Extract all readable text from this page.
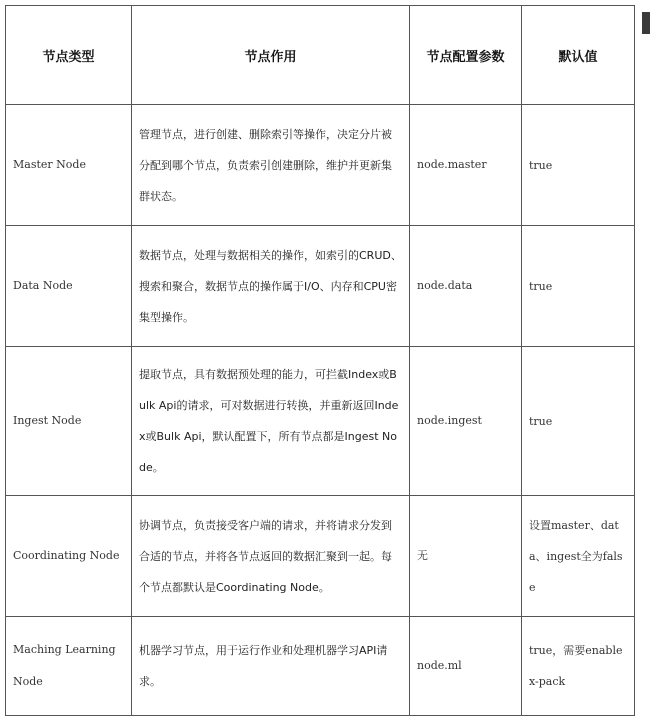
节点类型	节点作用	节点配置参数	默认值
Master Node	管理节点，进行创建、删除索引等操作，决定分片被分配到哪个节点，负责索引创建删除，维护并更新集群状态。	node.master	true
Data Node	数据节点，处理与数据相关的操作，如索引的CRUD、搜索和聚合，数据节点的操作属于I/O、内存和CPU密集型操作。	node.data	true
Ingest Node	提取节点，具有数据预处理的能力，可拦截Index或Bulk Api的请求，可对数据进行转换，并重新返回Index或Bulk Api，默认配置下，所有节点都是Ingest Node。	node.ingest	true
Coordinating Node	协调节点，负责接受客户端的请求，并将请求分发到合适的节点，并将各节点返回的数据汇聚到一起。每个节点都默认是Coordinating Node。	无	设置master、data、ingest全为false
Maching Learning Node	机器学习节点，用于运行作业和处理机器学习API请求。	node.ml	true，需要enable x-pack
